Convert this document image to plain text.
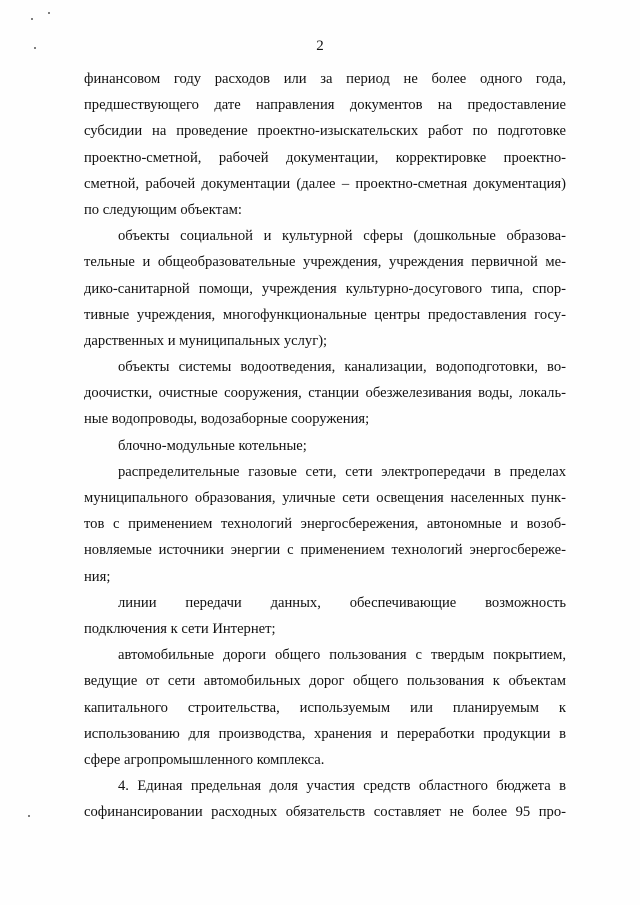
2

финансовом году расходов или за период не более одного года,
предшествующего дате направления документов на предоставление
субсидии на проведение проектно-изыскательских работ по подготовке
проектно-сметной, рабочей документации, корректировке проектно-
сметной, рабочей документации (далее – проектно-сметная документация)
по следующим объектам:

объекты социальной и культурной сферы (дошкольные образова-
тельные и общеобразовательные учреждения, учреждения первичной ме-
дико-санитарной помощи, учреждения культурно-досугового типа, спор-
тивные учреждения, многофункциональные центры предоставления госу-
дарственных и муниципальных услуг);

объекты системы водоотведения, канализации, водоподготовки, во-
доочистки, очистные сооружения, станции обезжелезивания воды, локаль-
ные водопроводы, водозаборные сооружения;

блочно-модульные котельные;

распределительные газовые сети, сети электропередачи в пределах
муниципального образования, уличные сети освещения населенных пунк-
тов с применением технологий энергосбережения, автономные и возоб-
новляемые источники энергии с применением технологий энергосбереже-
ния;

линии передачи данных, обеспечивающие возможность
подключения к сети Интернет;

автомобильные дороги общего пользования с твердым покрытием,
ведущие от сети автомобильных дорог общего пользования к объектам
капитального строительства, используемым или планируемым к
использованию для производства, хранения и переработки продукции в
сфере агропромышленного комплекса.

4. Единая предельная доля участия средств областного бюджета в
софинансировании расходных обязательств составляет не более 95 про-
